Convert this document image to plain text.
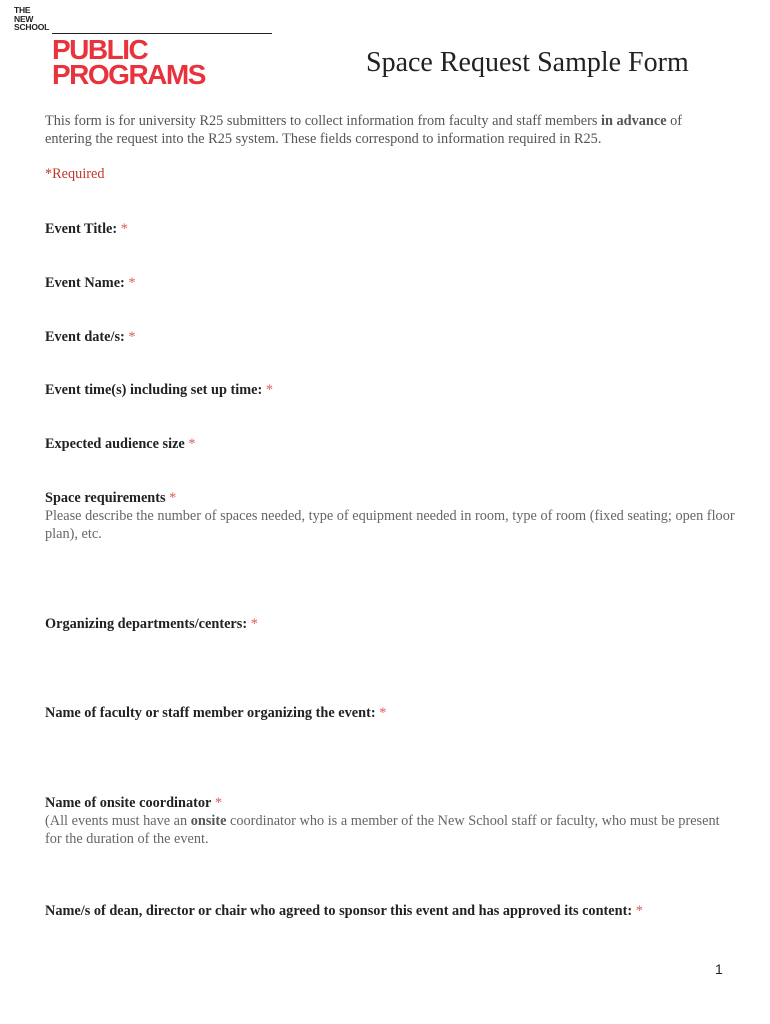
THE
NEW
SCHOOL
PUBLIC
PROGRAMS	Space Request Sample Form
This form is for university R25 submitters to collect information from faculty and staff members in advance of entering the request into the R25 system. These fields correspond to information required in R25.
*Required
Event Title: *
Event Name: *
Event date/s: *
Event time(s) including set up time: *
Expected audience size *
Space requirements *
Please describe the number of spaces needed, type of equipment needed in room, type of room (fixed seating; open floor plan), etc.
Organizing departments/centers: *
Name of faculty or staff member organizing the event: *
Name of onsite coordinator *
(All events must have an onsite coordinator who is a member of the New School staff or faculty, who must be present for the duration of the event.
Name/s of dean, director or chair who agreed to sponsor this event and has approved its content: *
1
